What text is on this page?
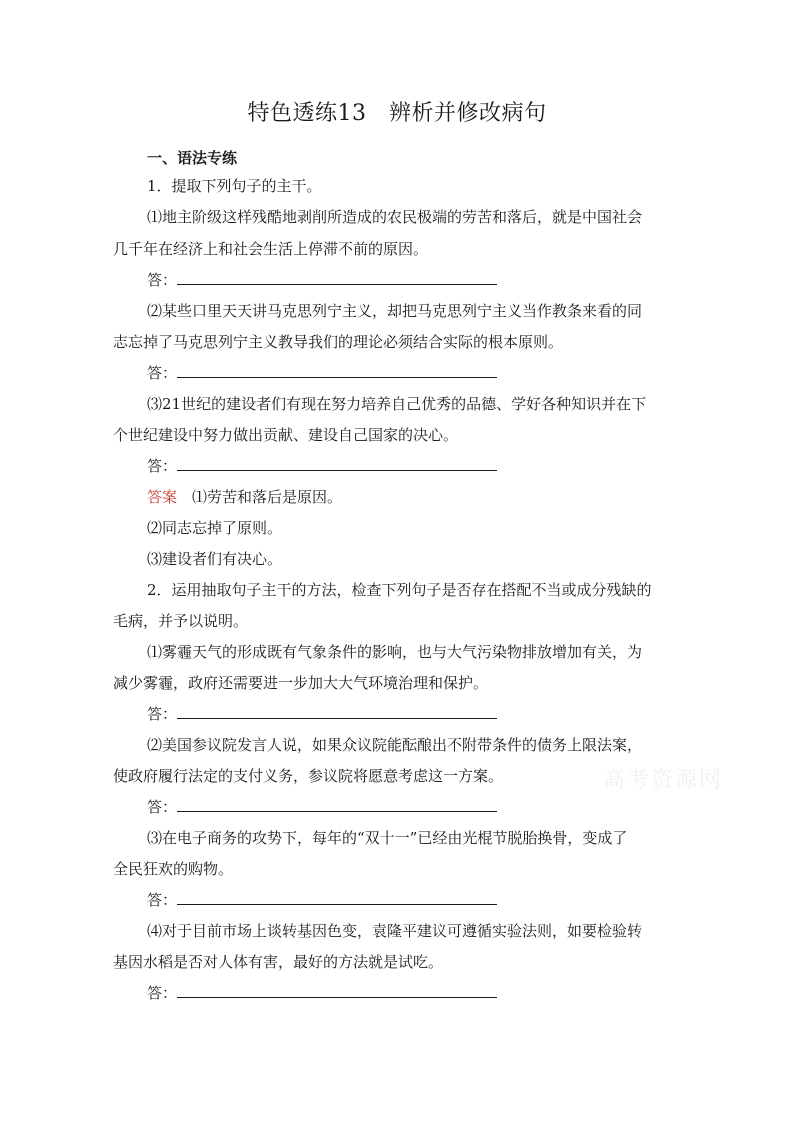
特色透练13　辨析并修改病句
一、语法专练
1．提取下列句子的主干。
⑴地主阶级这样残酷地剥削所造成的农民极端的劳苦和落后，就是中国社会
几千年在经济上和社会生活上停滞不前的原因。
答：
⑵某些口里天天讲马克思列宁主义，却把马克思列宁主义当作教条来看的同
志忘掉了马克思列宁主义教导我们的理论必须结合实际的根本原则。
答：
⑶21世纪的建设者们有现在努力培养自己优秀的品德、学好各种知识并在下
个世纪建设中努力做出贡献、建设自己国家的决心。
答：
答案　 ⑴劳苦和落后是原因。
⑵同志忘掉了原则。
⑶建设者们有决心。
2．运用抽取句子主干的方法，检查下列句子是否存在搭配不当或成分残缺的
毛病，并予以说明。
⑴雾霾天气的形成既有气象条件的影响，也与大气污染物排放增加有关，为
减少雾霾，政府还需要进一步加大大气环境治理和保护。
答：
⑵美国参议院发言人说，如果众议院能酝酿出不附带条件的债务上限法案，
使政府履行法定的支付义务，参议院将愿意考虑这一方案。
答：
⑶在电子商务的攻势下，每年的“双十一”已经由光棍节脱胎换骨，变成了
全民狂欢的购物。
答：
⑷对于目前市场上谈转基因色变，袁隆平建议可遵循实验法则，如要检验转
基因水稻是否对人体有害，最好的方法就是试吃。
答：
高考资源网
